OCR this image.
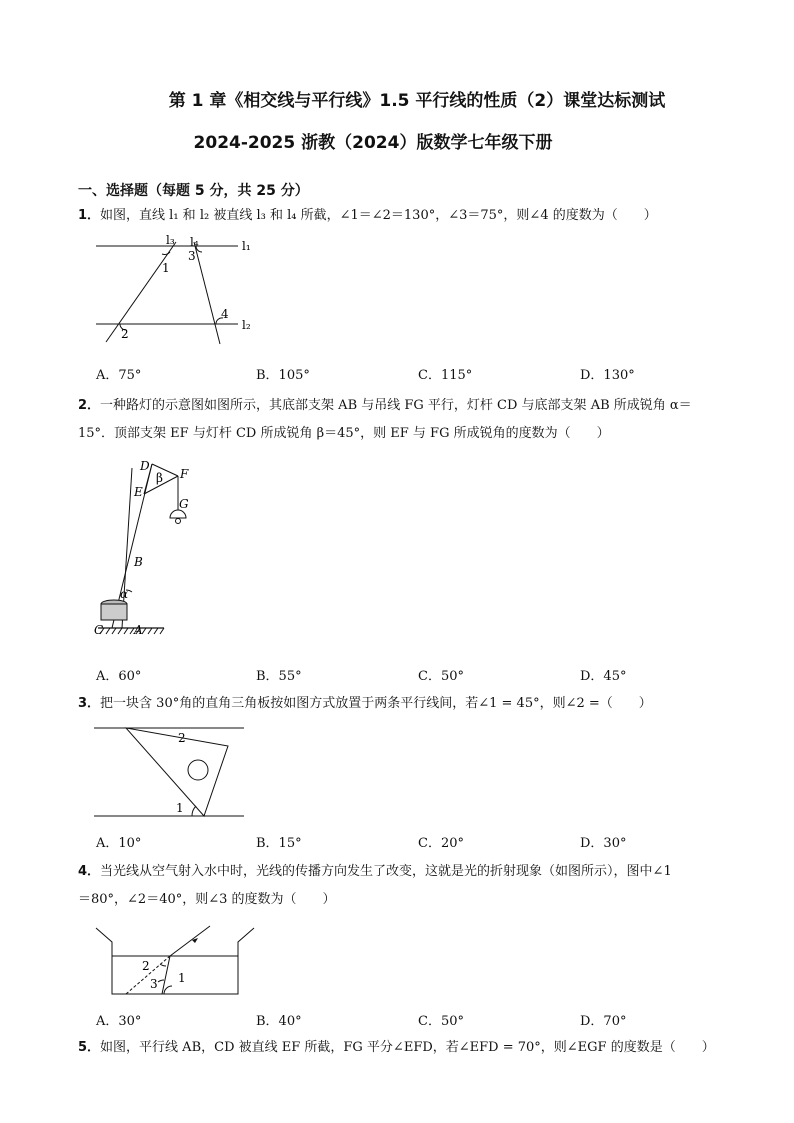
第 1 章《相交线与平行线》1.5 平行线的性质（2）课堂达标测试
2024-2025 浙教（2024）版数学七年级下册
一、选择题（每题 5 分，共 25 分）
1．如图，直线 l₁ 和 l₂ 被直线 l₃ 和 l₄ 所截，∠1＝∠2＝130°，∠3＝75°，则∠4 的度数为（　　）
l₃ l₄
3
l₁
1
4
l₂
2
A．75°	B．105°	C．115°	D．130°
2．一种路灯的示意图如图所示，其底部支架 AB 与吊线 FG 平行，灯杆 CD 与底部支架 AB 所成锐角 α＝
15°．顶部支架 EF 与灯杆 CD 所成锐角 β＝45°，则 EF 与 FG 所成锐角的度数为（　　）
D
β F
E
G
B
α
C	A
A．60°	B．55°	C．50°	D．45°
3．把一块含 30°角的直角三角板按如图方式放置于两条平行线间，若∠1 = 45°，则∠2 =（　　）
2
1
A．10°	B．15°	C．20°	D．30°
4．当光线从空气射入水中时，光线的传播方向发生了改变，这就是光的折射现象（如图所示），图中∠1
＝80°，∠2＝40°，则∠3 的度数为（　　）
2
3 1
A．30°	B．40°	C．50°	D．70°
5．如图，平行线 AB，CD 被直线 EF 所截，FG 平分∠EFD，若∠EFD = 70°，则∠EGF 的度数是（　　）
